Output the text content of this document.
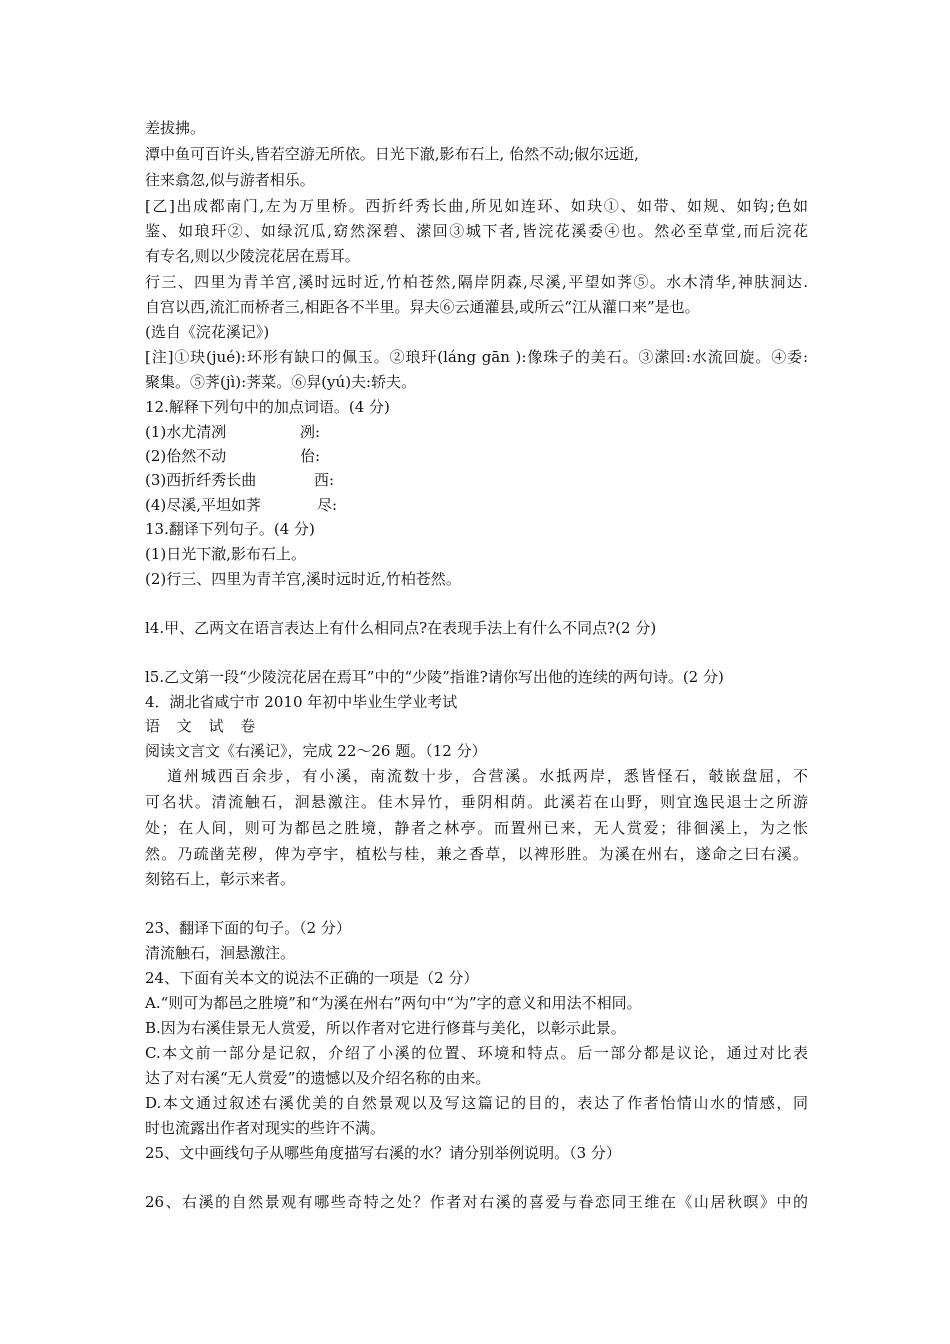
差拔拂。
潭中鱼可百许头,皆若空游无所依。日光下澈,影布石上, 佁然不动;俶尔远逝,
往来翕忽,似与游者相乐。
[乙]出成都南门,左为万里桥。西折纤秀长曲,所见如连环、如玦①、如带、如规、如钩;色如
鉴、如琅玕②、如绿沉瓜,窈然深碧、潆回③城下者,皆浣花溪委④也。然必至草堂,而后浣花
有专名,则以少陵浣花居在焉耳。
行三、四里为青羊宫,溪时远时近,竹柏苍然,隔岸阴森,尽溪,平望如荠⑤。水木清华,神肤洞达.
自宫以西,流汇而桥者三,相距各不半里。舁夫⑥云通灌县,或所云“江从灌口来”是也。
(选自《浣花溪记》)
[注]①玦(jué):环形有缺口的佩玉。②琅玕(láng gān ):像珠子的美石。③潆回:水流回旋。④委:
聚集。⑤荠(jì):荠菜。⑥舁(yú)夫:轿夫。
12.解释下列句中的加点词语。(4 分)
(1)水尤清冽	冽:
(2)佁然不动	佁:
(3)西折纤秀长曲	西:
(4)尽溪,平坦如荠	尽:
13.翻译下列句子。(4 分)
(1)日光下澈,影布石上。
(2)行三、四里为青羊宫,溪时远时近,竹柏苍然。
l4.甲、乙两文在语言表达上有什么相同点?在表现手法上有什么不同点?(2 分)
l5.乙文第一段“少陵浣花居在焉耳”中的“少陵”指谁?请你写出他的连续的两句诗。(2 分)
4．湖北省咸宁市 2010 年初中毕业生学业考试
语 文 试 卷
阅读文言文《右溪记》，完成 22～26 题。（12 分）
道州城西百余步，有小溪，南流数十步，合营溪。水抵两岸，悉皆怪石，攲嵌盘屈，不
可名状。清流触石，洄悬激注。佳木异竹，垂阴相荫。此溪若在山野，则宜逸民退士之所游
处；在人间，则可为都邑之胜境，静者之林亭。而置州已来，无人赏爱；徘徊溪上，为之怅
然。乃疏凿芜秽，俾为亭宇，植松与桂，兼之香草，以裨形胜。为溪在州右，遂命之曰右溪。
刻铭石上，彰示来者。
23、翻译下面的句子。（2 分）
清流触石，洄悬激注。
24、下面有关本文的说法不正确的一项是（2 分）
A.“则可为都邑之胜境”和“为溪在州右”两句中“为”字的意义和用法不相同。
B.因为右溪佳景无人赏爱，所以作者对它进行修葺与美化，以彰示此景。
C.本文前一部分是记叙，介绍了小溪的位置、环境和特点。后一部分都是议论，通过对比表
达了对右溪“无人赏爱”的遗憾以及介绍名称的由来。
D.本文通过叙述右溪优美的自然景观以及写这篇记的目的，表达了作者怡情山水的情感，同
时也流露出作者对现实的些许不满。
25、文中画线句子从哪些角度描写右溪的水？请分别举例说明。（3 分）
26、右溪的自然景观有哪些奇特之处？作者对右溪的喜爱与眷恋同王维在《山居秋暝》中的
